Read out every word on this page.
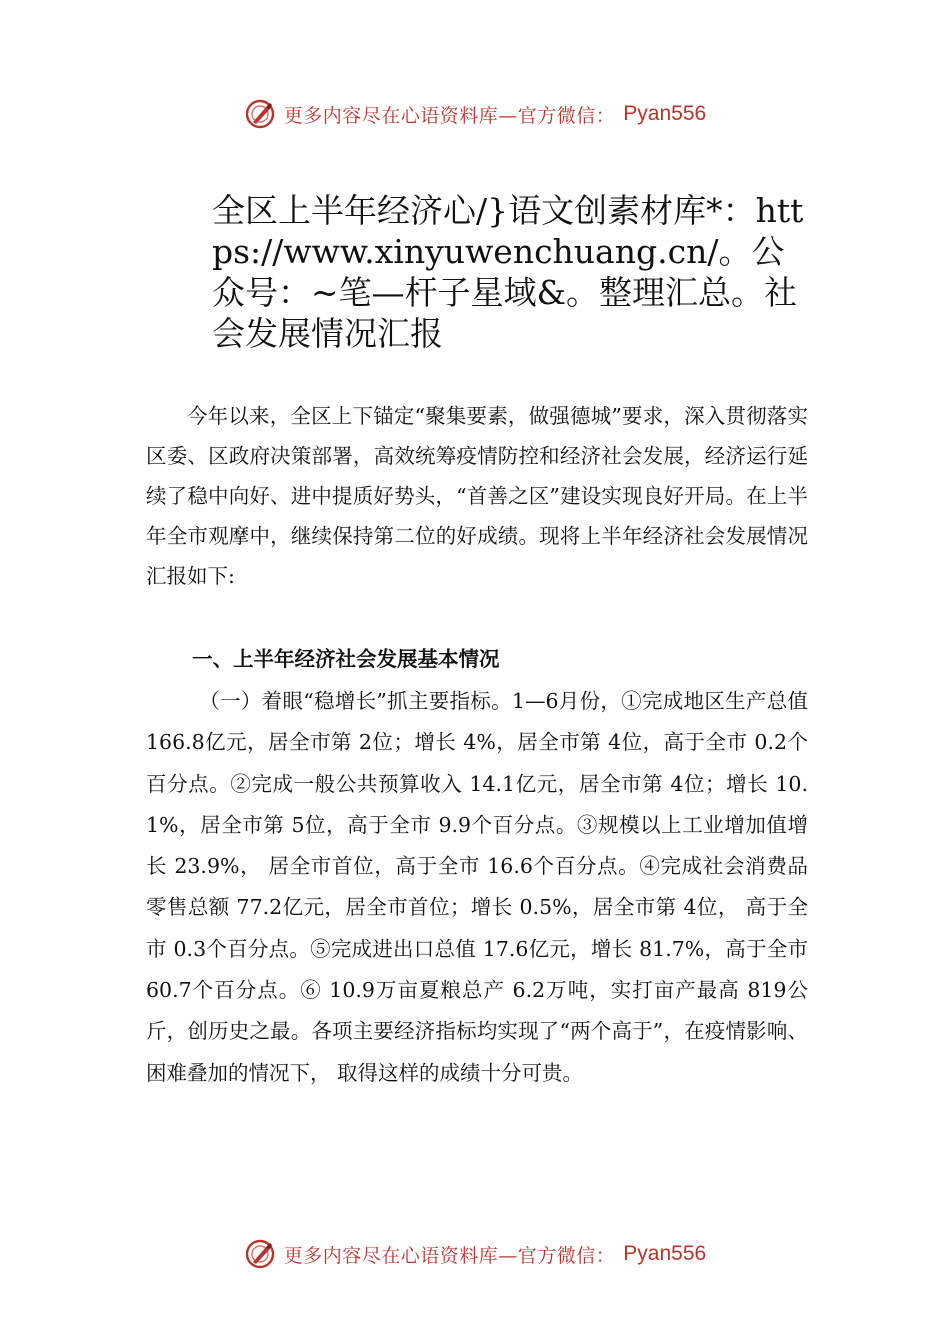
更多内容尽在心语资料库—官方微信： Pyan556
全区上半年经济心/}语文创素材库*：https://www.xinyuwenchuang.cn/。公众号：~笔—杆子星域&。整理汇总。社会发展情况汇报

今年以来，全区上下锚定“聚集要素，做强德城”要求，深入贯彻落实区委、区政府决策部署，高效统筹疫情防控和经济社会发展，经济运行延续了稳中向好、进中提质好势头，“首善之区”建设实现良好开局。在上半年全市观摩中，继续保持第二位的好成绩。现将上半年经济社会发展情况汇报如下:

一、上半年经济社会发展基本情况

（一）着眼“稳增长”抓主要指标。1—6月份，①完成地区生产总值 166.8亿元，居全市第 2位；增长 4%，居全市第 4位，高于全市 0.2个百分点。②完成一般公共预算收入 14.1亿元，居全市第 4位；增长 10.1%，居全市第 5位，高于全市 9.9个百分点。③规模以上工业增加值增长 23.9%， 居全市首位，高于全市 16.6个百分点。④完成社会消费品零售总额 77.2亿元，居全市首位；增长 0.5%，居全市第 4位， 高于全市 0.3个百分点。⑤完成进出口总值 17.6亿元，增长 81.7%，高于全市 60.7个百分点。⑥ 10.9万亩夏粮总产 6.2万吨，实打亩产最高 819公斤，创历史之最。各项主要经济指标均实现了“两个高于”，在疫情影响、困难叠加的情况下， 取得这样的成绩十分可贵。

更多内容尽在心语资料库—官方微信： Pyan556
